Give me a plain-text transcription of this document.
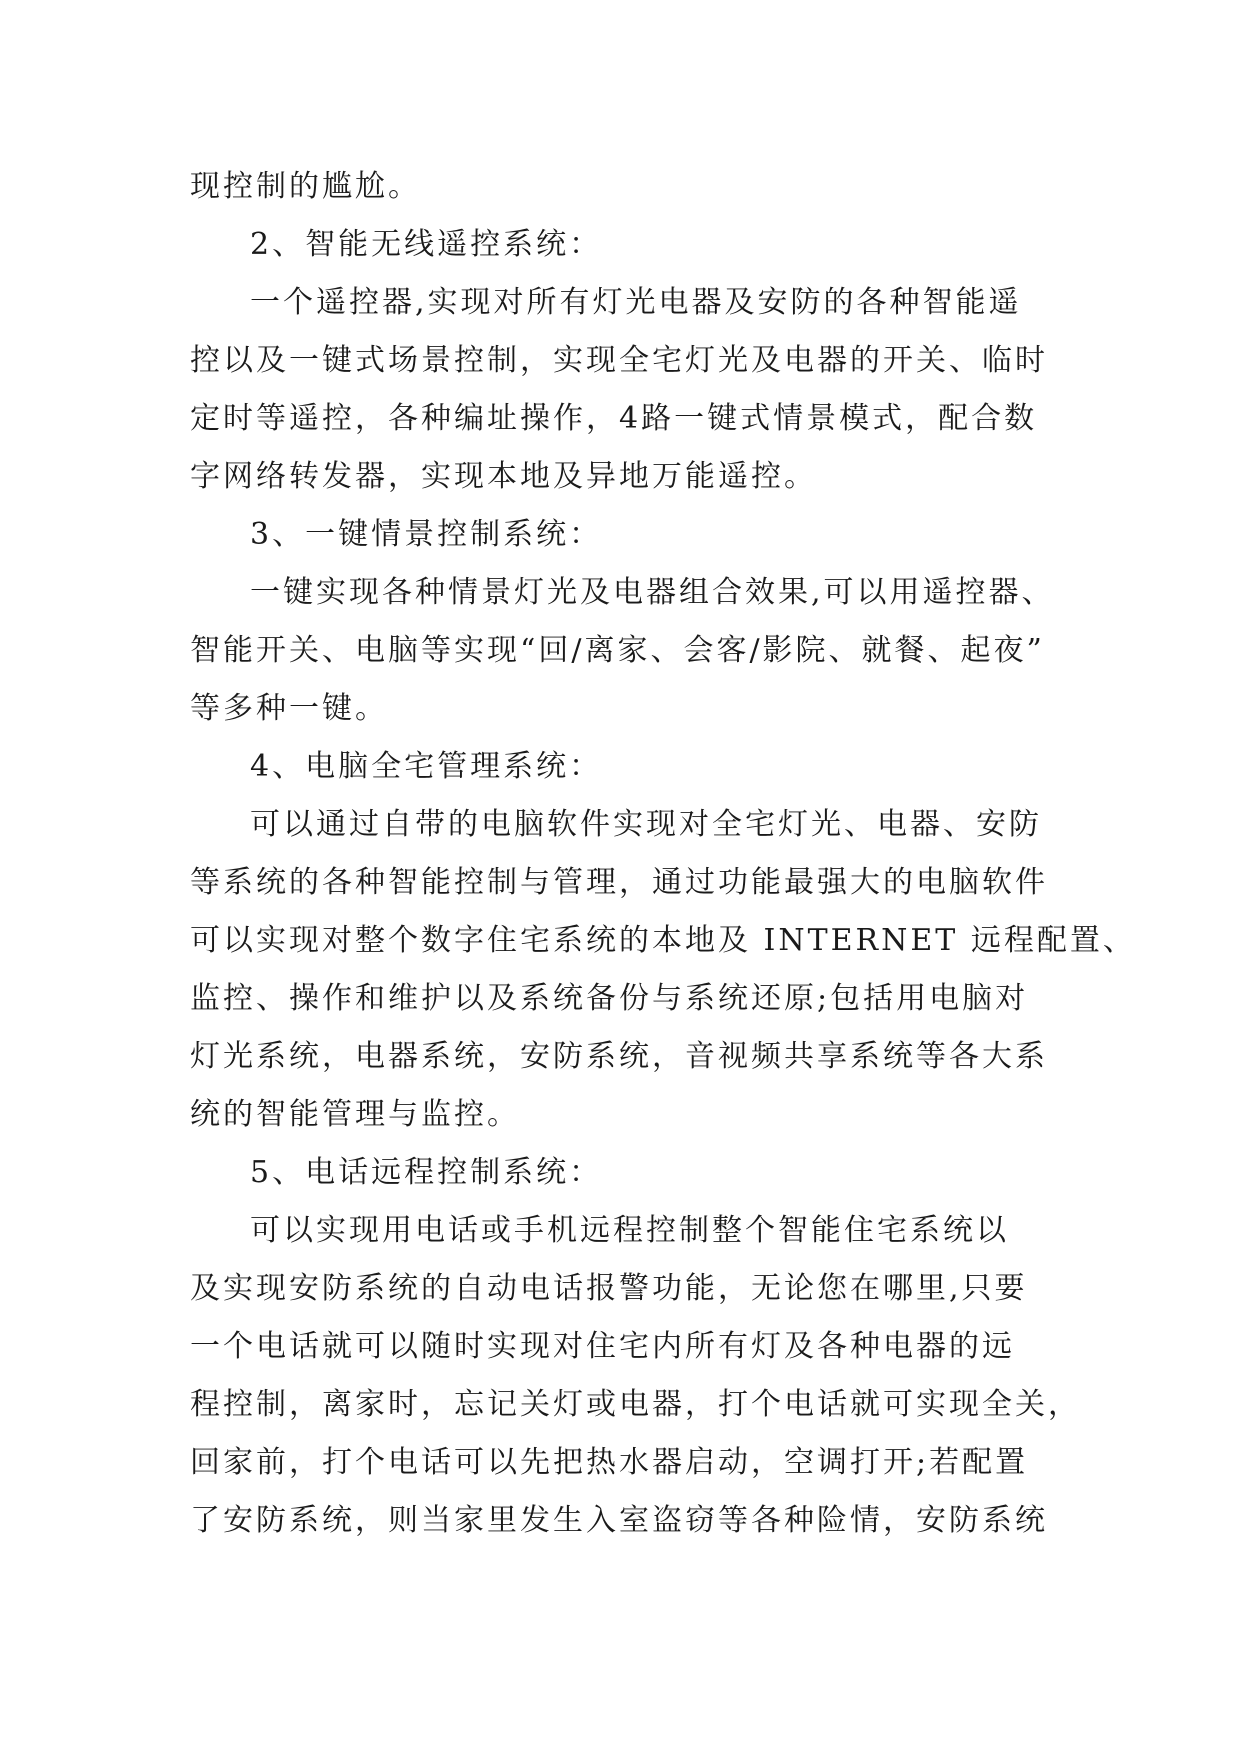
现控制的尴尬。
2、智能无线遥控系统：
一个遥控器,实现对所有灯光电器及安防的各种智能遥
控以及一键式场景控制，实现全宅灯光及电器的开关、临时
定时等遥控，各种编址操作，4路一键式情景模式，配合数
字网络转发器，实现本地及异地万能遥控。
3、一键情景控制系统：
一键实现各种情景灯光及电器组合效果,可以用遥控器、
智能开关、电脑等实现“回/离家、会客/影院、就餐、起夜”
等多种一键。
4、电脑全宅管理系统：
可以通过自带的电脑软件实现对全宅灯光、电器、安防
等系统的各种智能控制与管理，通过功能最强大的电脑软件
可以实现对整个数字住宅系统的本地及 INTERNET 远程配置、
监控、操作和维护以及系统备份与系统还原;包括用电脑对
灯光系统，电器系统，安防系统，音视频共享系统等各大系
统的智能管理与监控。
5、电话远程控制系统：
可以实现用电话或手机远程控制整个智能住宅系统以
及实现安防系统的自动电话报警功能，无论您在哪里,只要
一个电话就可以随时实现对住宅内所有灯及各种电器的远
程控制，离家时，忘记关灯或电器，打个电话就可实现全关，
回家前，打个电话可以先把热水器启动，空调打开;若配置
了安防系统，则当家里发生入室盗窃等各种险情，安防系统
